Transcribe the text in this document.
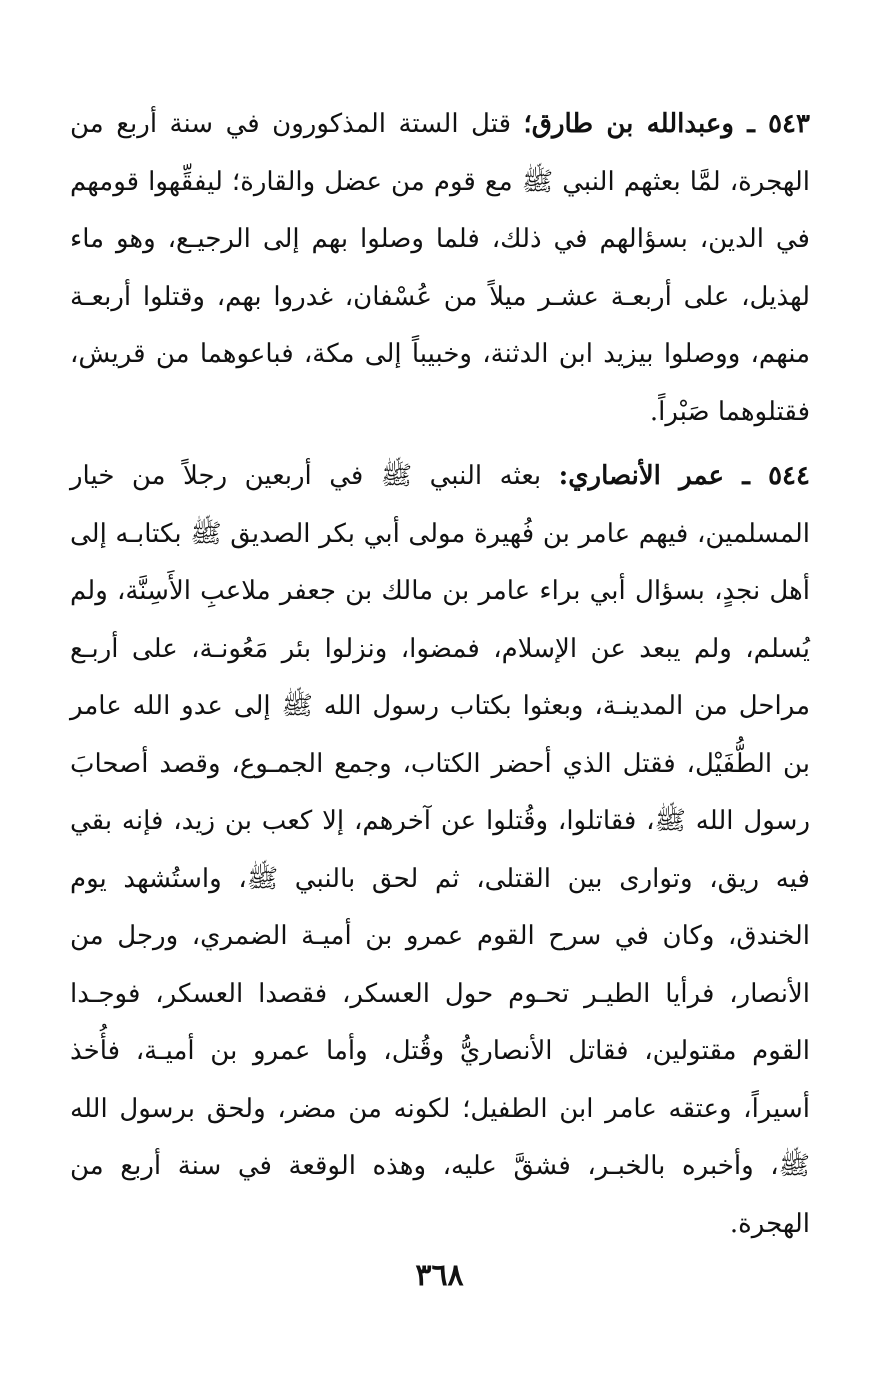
٥٤٣ ـ وعبدالله بن طارق؛ قتل الستة المذكورون في سنة أربع من الهجرة، لمَّا بعثهم النبي ﷺ مع قوم من عضل والقارة؛ ليفقِّهوا قومهم في الدين، بسؤالهم في ذلك، فلما وصلوا بهم إلى الرجيـع، وهو ماء لهذيل، على أربعـة عشـر ميلاً من عُسْفان، غدروا بهم، وقتلوا أربعـة منهم، ووصلوا بيزيد ابن الدثنة، وخبيباً إلى مكة، فباعوهما من قريش، فقتلوهما صَبْراً.

٥٤٤ ـ عمر الأنصاري: بعثه النبي ﷺ في أربعين رجلاً من خيار المسلمين، فيهم عامر بن فُهيرة مولى أبي بكر الصديق ﷺ بكتابـه إلى أهل نجدٍ، بسؤال أبي براء عامر بن مالك بن جعفر ملاعبِ الأَسِنَّة، ولم يُسلم، ولم يبعد عن الإسلام، فمضوا، ونزلوا بئر مَعُونـة، على أربـع مراحل من المدينـة، وبعثوا بكتاب رسول الله ﷺ إلى عدو الله عامر بن الطُّفَيْل، فقتل الذي أحضر الكتاب، وجمع الجمـوع، وقصد أصحابَ رسول الله ﷺ، فقاتلوا، وقُتلوا عن آخرهم، إلا كعب بن زيد، فإنه بقي فيه ريق، وتوارى بين القتلى، ثم لحق بالنبي ﷺ، واستُشهد يوم الخندق، وكان في سرح القوم عمرو بن أميـة الضمري، ورجل من الأنصار، فرأيا الطيـر تحـوم حول العسكر، فقصدا العسكر، فوجـدا القوم مقتولين، فقاتل الأنصاريُّ وقُتل، وأما عمرو بن أميـة، فأُخذ أسيراً، وعتقه عامر ابن الطفيل؛ لكونه من مضر، ولحق برسول الله ﷺ، وأخبره بالخبـر، فشقَّ عليه، وهذه الوقعة في سنة أربع من الهجرة.

٣٦٨
